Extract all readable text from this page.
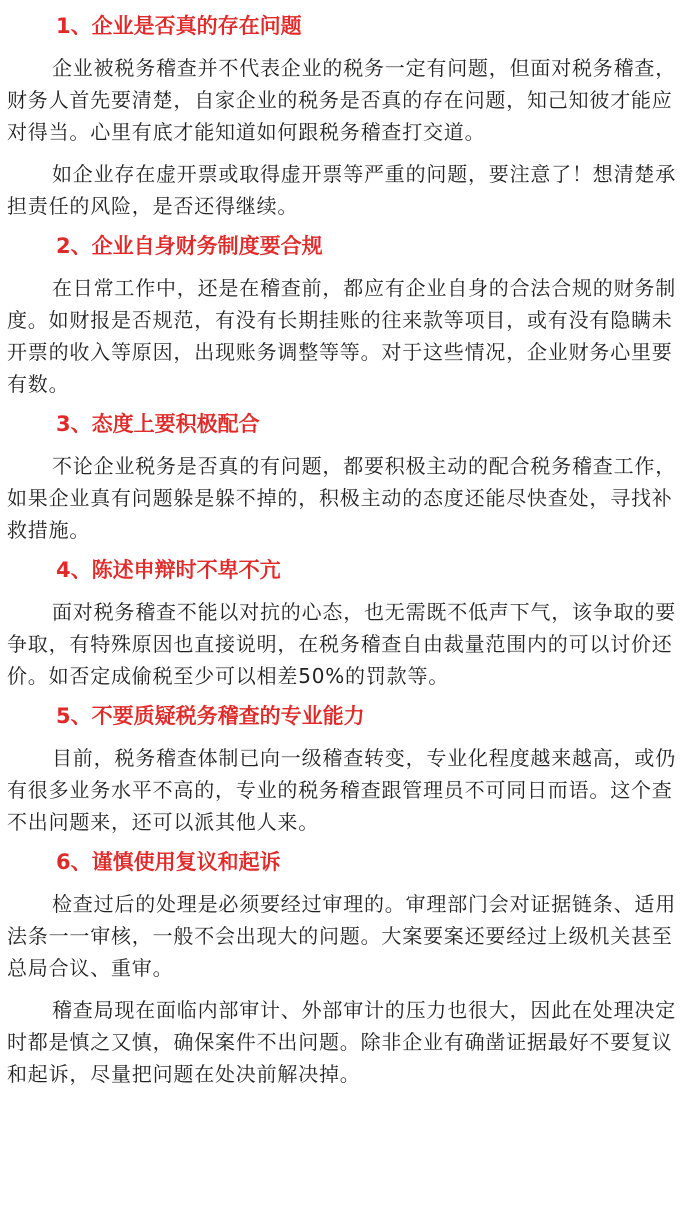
1、企业是否真的存在问题

企业被税务稽查并不代表企业的税务一定有问题，但面对税务稽查，财务人首先要清楚，自家企业的税务是否真的存在问题，知己知彼才能应对得当。心里有底才能知道如何跟税务稽查打交道。

如企业存在虚开票或取得虚开票等严重的问题，要注意了！想清楚承担责任的风险，是否还得继续。

2、企业自身财务制度要合规

在日常工作中，还是在稽查前，都应有企业自身的合法合规的财务制度。如财报是否规范，有没有长期挂账的往来款等项目，或有没有隐瞒未开票的收入等原因，出现账务调整等等。对于这些情况，企业财务心里要有数。

3、态度上要积极配合

不论企业税务是否真的有问题，都要积极主动的配合税务稽查工作，如果企业真有问题躲是躲不掉的，积极主动的态度还能尽快查处，寻找补救措施。

4、陈述申辩时不卑不亢

面对税务稽查不能以对抗的心态，也无需既不低声下气，该争取的要争取，有特殊原因也直接说明，在税务稽查自由裁量范围内的可以讨价还价。如否定成偷税至少可以相差50%的罚款等。

5、不要质疑税务稽查的专业能力

目前，税务稽查体制已向一级稽查转变，专业化程度越来越高，或仍有很多业务水平不高的，专业的税务稽查跟管理员不可同日而语。这个查不出问题来，还可以派其他人来。

6、谨慎使用复议和起诉

检查过后的处理是必须要经过审理的。审理部门会对证据链条、适用法条一一审核，一般不会出现大的问题。大案要案还要经过上级机关甚至总局合议、重审。

稽查局现在面临内部审计、外部审计的压力也很大，因此在处理决定时都是慎之又慎，确保案件不出问题。除非企业有确凿证据最好不要复议和起诉，尽量把问题在处决前解决掉。
